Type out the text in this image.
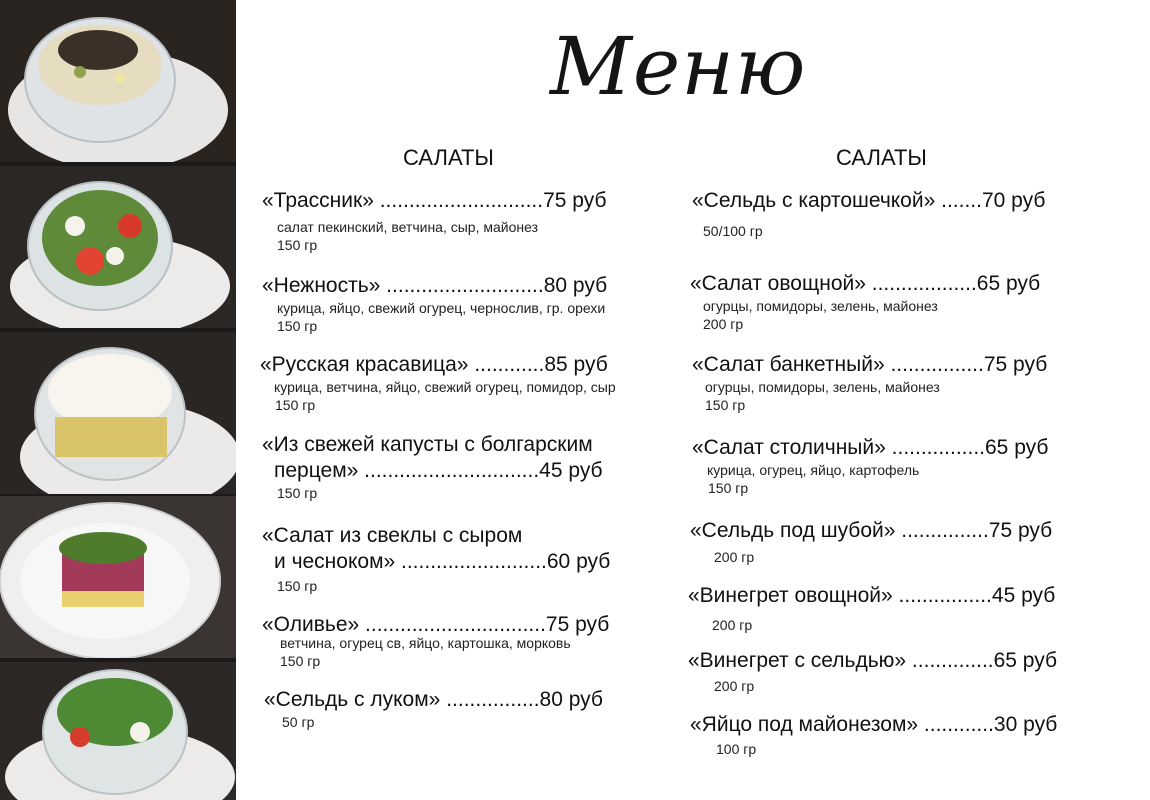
Меню
САЛАТЫ
«Трассник» ............................75 руб
салат пекинский, ветчина, сыр, майонез
150 гр
«Нежность» ...........................80 руб
курица, яйцо, свежий огурец, чернослив, гр. орехи
150 гр
«Русская красавица» ............85 руб
курица, ветчина, яйцо, свежий огурец, помидор, сыр
150 гр
«Из свежей капусты с болгарским
перцем» ..............................45 руб
150 гр
«Салат из свеклы с сыром
и чесноком» .........................60 руб
150 гр
«Оливье» ...............................75 руб
ветчина, огурец св, яйцо, картошка, морковь
150 гр
«Сельдь с луком» ................80 руб
50 гр
САЛАТЫ
«Сельдь с картошечкой» .......70 руб
50/100 гр
«Салат овощной» ..................65 руб
огурцы, помидоры, зелень, майонез
200 гр
«Салат банкетный» ................75 руб
огурцы, помидоры, зелень, майонез
150 гр
«Салат столичный» ................65 руб
курица, огурец, яйцо, картофель
150 гр
«Сельдь под шубой» ...............75 руб
200 гр
«Винегрет овощной» ................45 руб
200 гр
«Винегрет с сельдью» ..............65 руб
200 гр
«Яйцо под майонезом» ............30 руб
100 гр
